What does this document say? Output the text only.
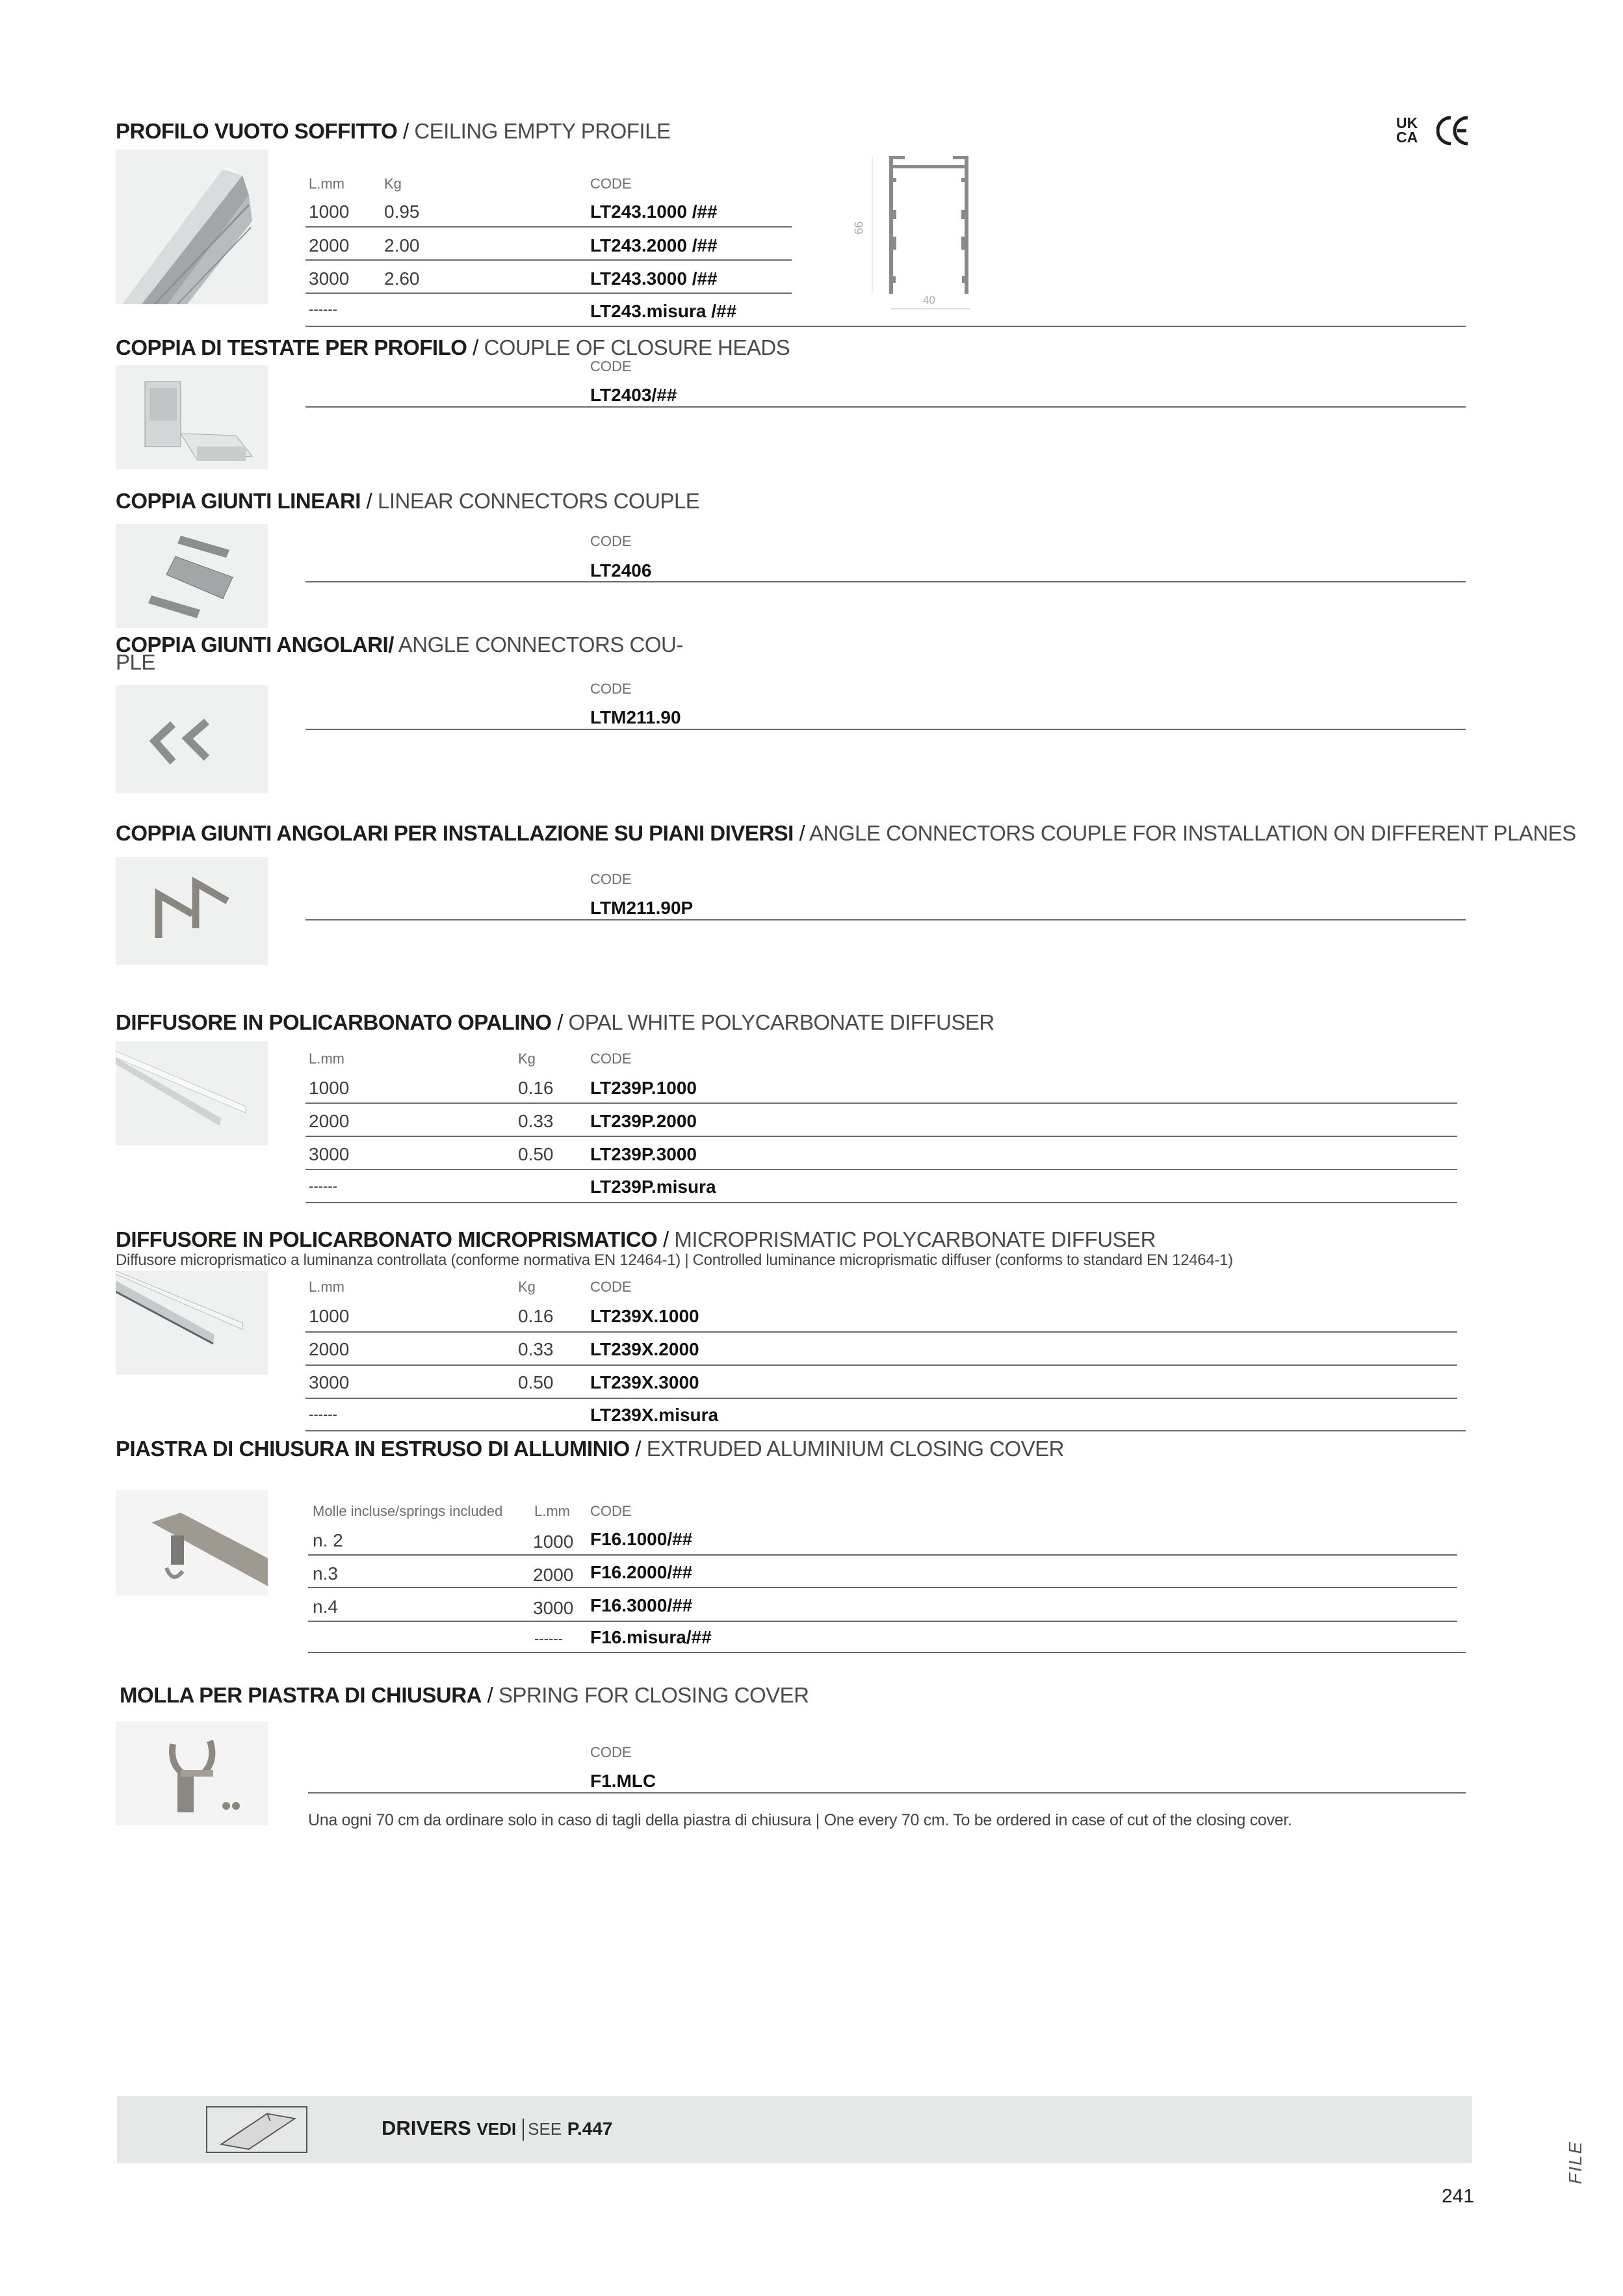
UK
CA
PROFILO VUOTO SOFFITTO / CEILING EMPTY PROFILE
L.mm	Kg	CODE
1000 0.95	LT243.1000 /##
2000 2.00	LT243.2000 /##
3000 2.60	LT243.3000 /##
------	LT243.misura /##
66
40
COPPIA DI TESTATE PER PROFILO / COUPLE OF CLOSURE HEADS
CODE
LT2403/##
COPPIA GIUNTI LINEARI / LINEAR CONNECTORS COUPLE
CODE
LT2406
COPPIA GIUNTI ANGOLARI/ ANGLE CONNECTORS COU-
PLE
CODE
LTM211.90
COPPIA GIUNTI ANGOLARI PER INSTALLAZIONE SU PIANI DIVERSI / ANGLE CONNECTORS COUPLE FOR INSTALLATION ON DIFFERENT PLANES
CODE
LTM211.90P
DIFFUSORE IN POLICARBONATO OPALINO / OPAL WHITE POLYCARBONATE DIFFUSER
L.mm	Kg	CODE
1000	0.16 LT239P.1000
2000	0.33 LT239P.2000
3000	0.50 LT239P.3000
------	LT239P.misura
DIFFUSORE IN POLICARBONATO MICROPRISMATICO / MICROPRISMATIC POLYCARBONATE DIFFUSER
Diffusore microprismatico a luminanza controllata (conforme normativa EN 12464-1) | Controlled luminance microprismatic diffuser (conforms to standard EN 12464-1)
L.mm	Kg	CODE
1000	0.16 LT239X.1000
2000	0.33 LT239X.2000
3000	0.50 LT239X.3000
------	LT239X.misura
PIASTRA DI CHIUSURA IN ESTRUSO DI ALLUMINIO / EXTRUDED ALUMINIUM CLOSING COVER
Molle incluse/springs included L.mm CODE
n. 2	1000 F16.1000/##
n.3	2000 F16.2000/##
n.4	3000 F16.3000/##
------ F16.misura/##
MOLLA PER PIASTRA DI CHIUSURA / SPRING FOR CLOSING COVER
CODE
F1.MLC
Una ogni 70 cm da ordinare solo in caso di tagli della piastra di chiusura | One every 70 cm. To be ordered in case of cut of the closing cover.
DRIVERS VEDI SEE P.447
FILE
241
